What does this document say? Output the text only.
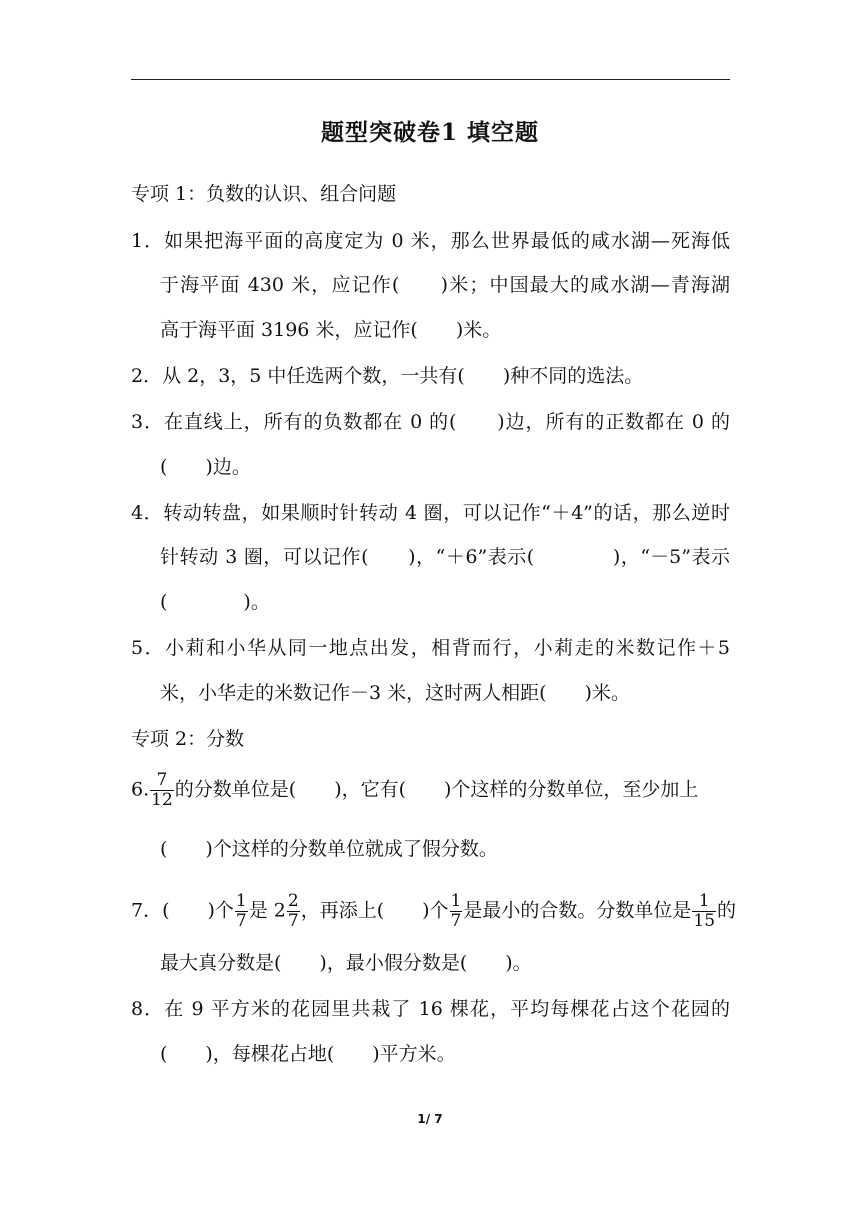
题型突破卷1 填空题
专项 1：负数的认识、组合问题
1．如果把海平面的高度定为 0 米，那么世界最低的咸水湖—死海低
于海平面 430 米，应记作(　　)米；中国最大的咸水湖—青海湖
高于海平面 3196 米，应记作(　　)米。
2．从 2，3，5 中任选两个数，一共有(　　)种不同的选法。
3．在直线上，所有的负数都在 0 的(　　)边，所有的正数都在 0 的
(　　)边。
4．转动转盘，如果顺时针转动 4 圈，可以记作“＋4”的话，那么逆时
针转动 3 圈，可以记作(　　)，“＋6”表示(　　　　)，“－5”表示
(　　　　)。
5．小莉和小华从同一地点出发，相背而行，小莉走的米数记作＋5
米，小华走的米数记作－3 米，这时两人相距(　　)米。
专项 2：分数
6. $\frac{7}{12}$ 的分数单位是(　　)，它有(　　)个这样的分数单位，至少加上
(　　)个这样的分数单位就成了假分数。
7．(　　)个 $\frac{1}{7}$ 是 $2 \frac{2}{7}$ ，再添上(　　)个 $\frac{1}{7}$ 是最小的合数。分数单位是 $\frac{1}{15}$ 的
最大真分数是(　　)，最小假分数是(　　)。
8．在 9 平方米的花园里共栽了 16 棵花，平均每棵花占这个花园的
(　　)，每棵花占地(　　)平方米。
1/ 7
